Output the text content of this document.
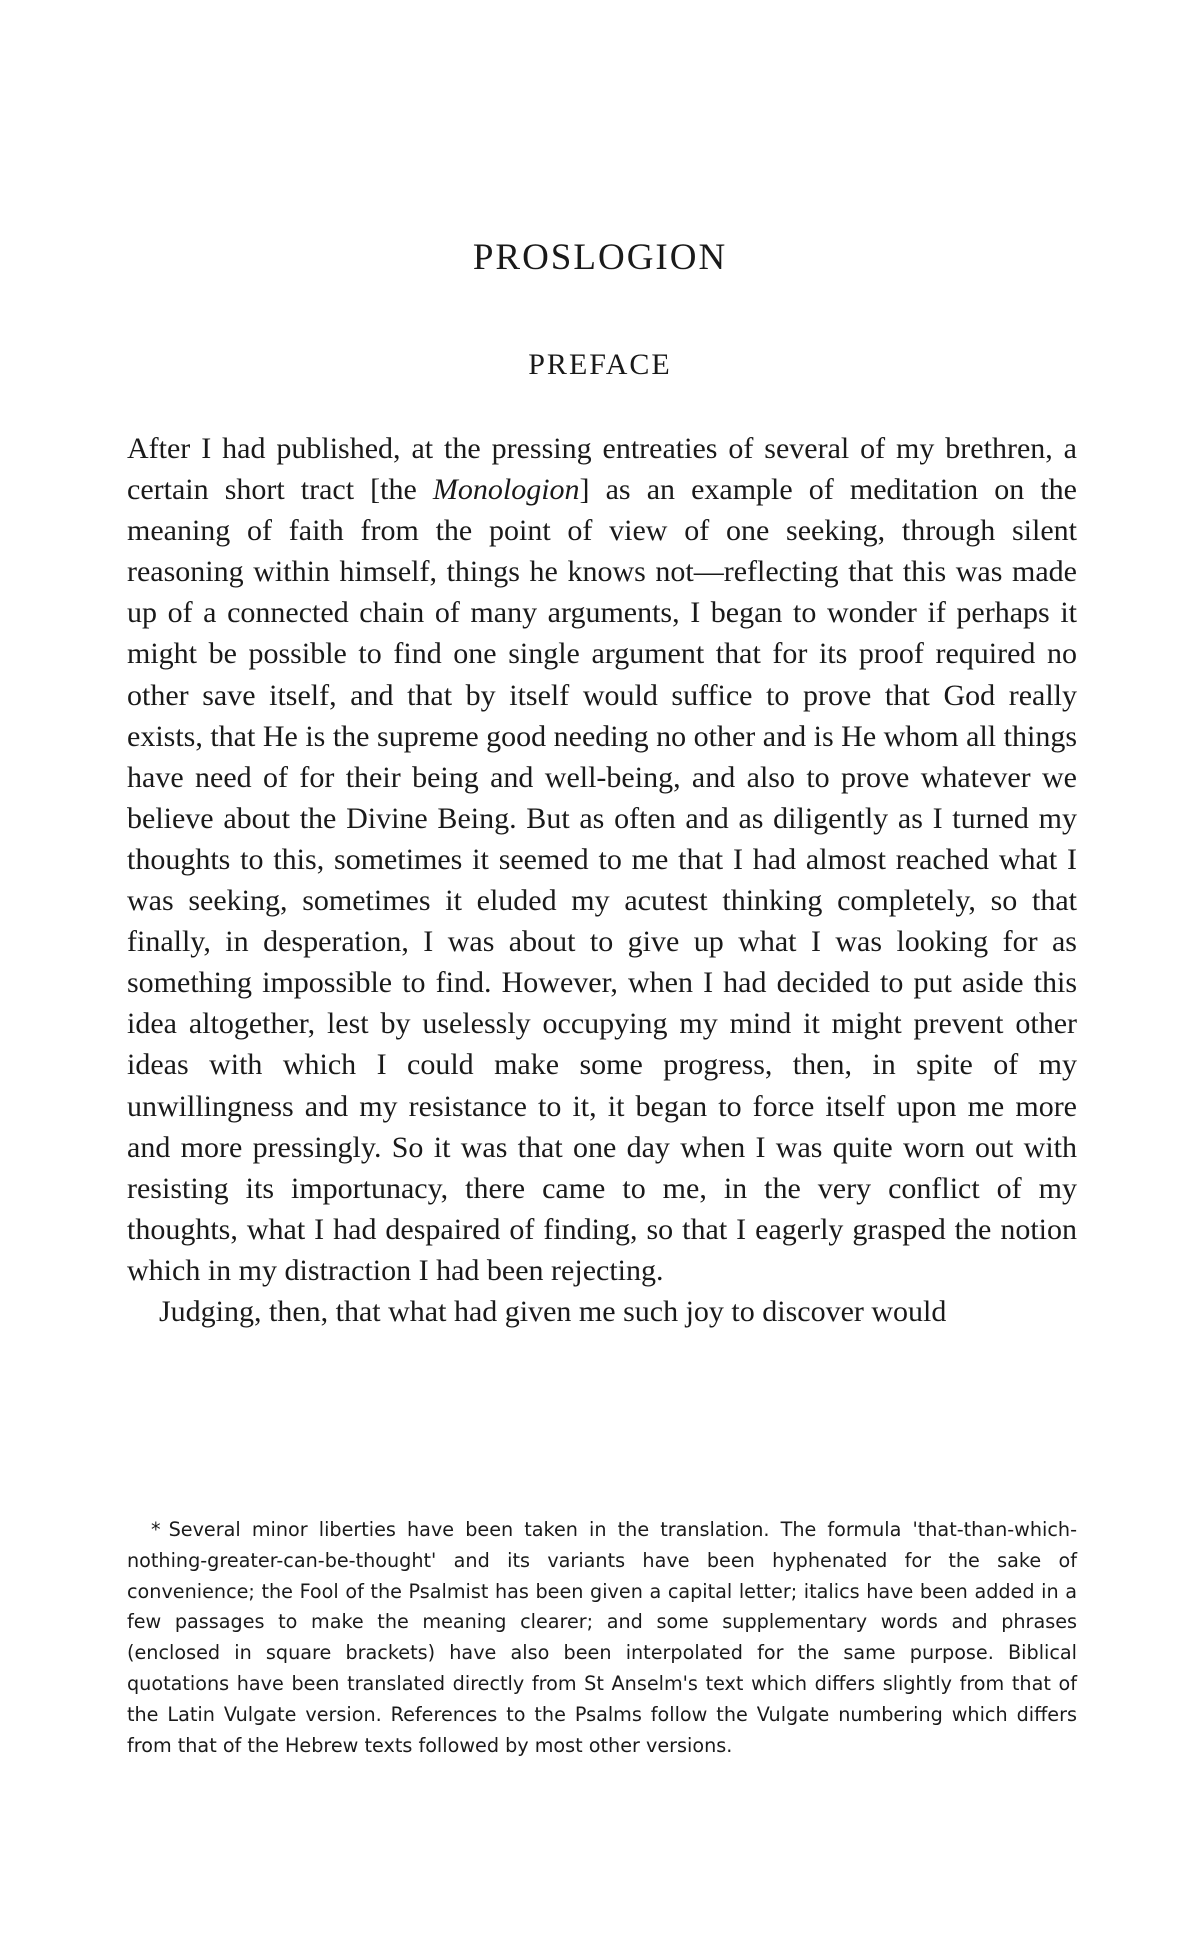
PROSLOGION
PREFACE

After I had published, at the pressing entreaties of several of my brethren, a certain short tract [the Monologion] as an example of meditation on the meaning of faith from the point of view of one seeking, through silent reasoning within himself, things he knows not—reflecting that this was made up of a connected chain of many arguments, I began to wonder if perhaps it might be possible to find one single argument that for its proof required no other save itself, and that by itself would suffice to prove that God really exists, that He is the supreme good needing no other and is He whom all things have need of for their being and well-being, and also to prove whatever we believe about the Divine Being. But as often and as diligently as I turned my thoughts to this, sometimes it seemed to me that I had almost reached what I was seeking, sometimes it eluded my acutest thinking completely, so that finally, in desperation, I was about to give up what I was looking for as something impossible to find. However, when I had decided to put aside this idea altogether, lest by uselessly occupying my mind it might prevent other ideas with which I could make some progress, then, in spite of my unwillingness and my resistance to it, it began to force itself upon me more and more pressingly. So it was that one day when I was quite worn out with resisting its importunacy, there came to me, in the very conflict of my thoughts, what I had despaired of finding, so that I eagerly grasped the notion which in my distraction I had been rejecting.

Judging, then, that what had given me such joy to discover would

* Several minor liberties have been taken in the translation. The formula 'that-than-which-nothing-greater-can-be-thought' and its variants have been hyphenated for the sake of convenience; the Fool of the Psalmist has been given a capital letter; italics have been added in a few passages to make the meaning clearer; and some supplementary words and phrases (enclosed in square brackets) have also been interpolated for the same purpose. Biblical quotations have been translated directly from St Anselm's text which differs slightly from that of the Latin Vulgate version. References to the Psalms follow the Vulgate numbering which differs from that of the Hebrew texts followed by most other versions.
